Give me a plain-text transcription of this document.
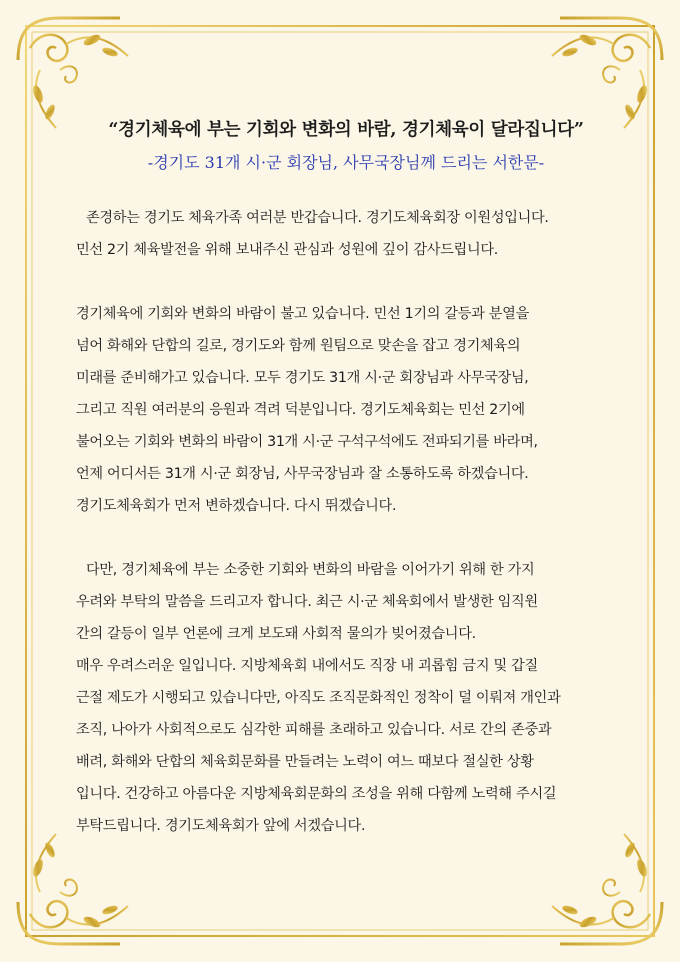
“경기체육에 부는 기회와 변화의 바람, 경기체육이 달라집니다”

-경기도 31개 시·군 회장님, 사무국장님께 드리는 서한문-

존경하는 경기도 체육가족 여러분 반갑습니다. 경기도체육회장 이원성입니다.
민선 2기 체육발전을 위해 보내주신 관심과 성원에 깊이 감사드립니다.
경기체육에 기회와 변화의 바람이 불고 있습니다. 민선 1기의 갈등과 분열을
넘어 화해와 단합의 길로, 경기도와 함께 원팀으로 맞손을 잡고 경기체육의
미래를 준비해가고 있습니다. 모두 경기도 31개 시·군 회장님과 사무국장님,
그리고 직원 여러분의 응원과 격려 덕분입니다. 경기도체육회는 민선 2기에
불어오는 기회와 변화의 바람이 31개 시·군 구석구석에도 전파되기를 바라며,
언제 어디서든 31개 시·군 회장님, 사무국장님과 잘 소통하도록 하겠습니다.
경기도체육회가 먼저 변하겠습니다. 다시 뛰겠습니다.
다만, 경기체육에 부는 소중한 기회와 변화의 바람을 이어가기 위해 한 가지
우려와 부탁의 말씀을 드리고자 합니다. 최근 시·군 체육회에서 발생한 임직원
간의 갈등이 일부 언론에 크게 보도돼 사회적 물의가 빚어졌습니다.
매우 우려스러운 일입니다. 지방체육회 내에서도 직장 내 괴롭힘 금지 및 갑질
근절 제도가 시행되고 있습니다만, 아직도 조직문화적인 정착이 덜 이뤄져 개인과
조직, 나아가 사회적으로도 심각한 피해를 초래하고 있습니다. 서로 간의 존중과
배려, 화해와 단합의 체육회문화를 만들려는 노력이 여느 때보다 절실한 상황
입니다. 건강하고 아름다운 지방체육회문화의 조성을 위해 다함께 노력해 주시길
부탁드립니다. 경기도체육회가 앞에 서겠습니다.
